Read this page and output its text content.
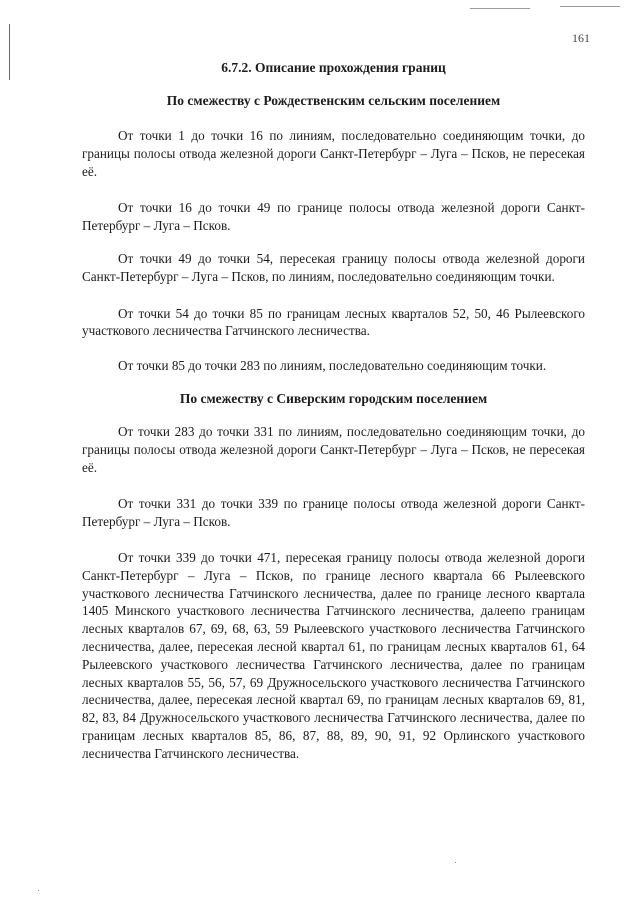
161
6.7.2. Описание прохождения границ
По смежеству с Рождественским сельским поселением

От точки 1 до точки 16 по линиям, последовательно соединяющим точки, до границы полосы отвода железной дороги Санкт-Петербург – Луга – Псков, не пересекая её.

От точки 16 до точки 49 по границе полосы отвода железной дороги Санкт-Петербург – Луга – Псков.

От точки 49 до точки 54, пересекая границу полосы отвода железной дороги Санкт-Петербург – Луга – Псков, по линиям, последовательно соединяющим точки.

От точки 54 до точки 85 по границам лесных кварталов 52, 50, 46 Рылеевского участкового лесничества Гатчинского лесничества.

От точки 85 до точки 283 по линиям, последовательно соединяющим точки.

По смежеству с Сиверским городским поселением

От точки 283 до точки 331 по линиям, последовательно соединяющим точки, до границы полосы отвода железной дороги Санкт-Петербург – Луга – Псков, не пересекая её.

От точки 331 до точки 339 по границе полосы отвода железной дороги Санкт-Петербург – Луга – Псков.

От точки 339 до точки 471, пересекая границу полосы отвода железной дороги Санкт-Петербург – Луга – Псков, по границе лесного квартала 66 Рылеевского участкового лесничества Гатчинского лесничества, далее по границе лесного квартала 1405 Минского участкового лесничества Гатчинского лесничества, далеепо границам лесных кварталов 67, 69, 68, 63, 59 Рылеевского участкового лесничества Гатчинского лесничества, далее, пересекая лесной квартал 61, по границам лесных кварталов 61, 64 Рылеевского участкового лесничества Гатчинского лесничества, далее по границам лесных кварталов 55, 56, 57, 69 Дружносельского участкового лесничества Гатчинского лесничества, далее, пересекая лесной квартал 69, по границам лесных кварталов 69, 81, 82, 83, 84 Дружносельского участкового лесничества Гатчинского лесничества, далее по границам лесных кварталов 85, 86, 87, 88, 89, 90, 91, 92 Орлинского участкового лесничества Гатчинского лесничества.
